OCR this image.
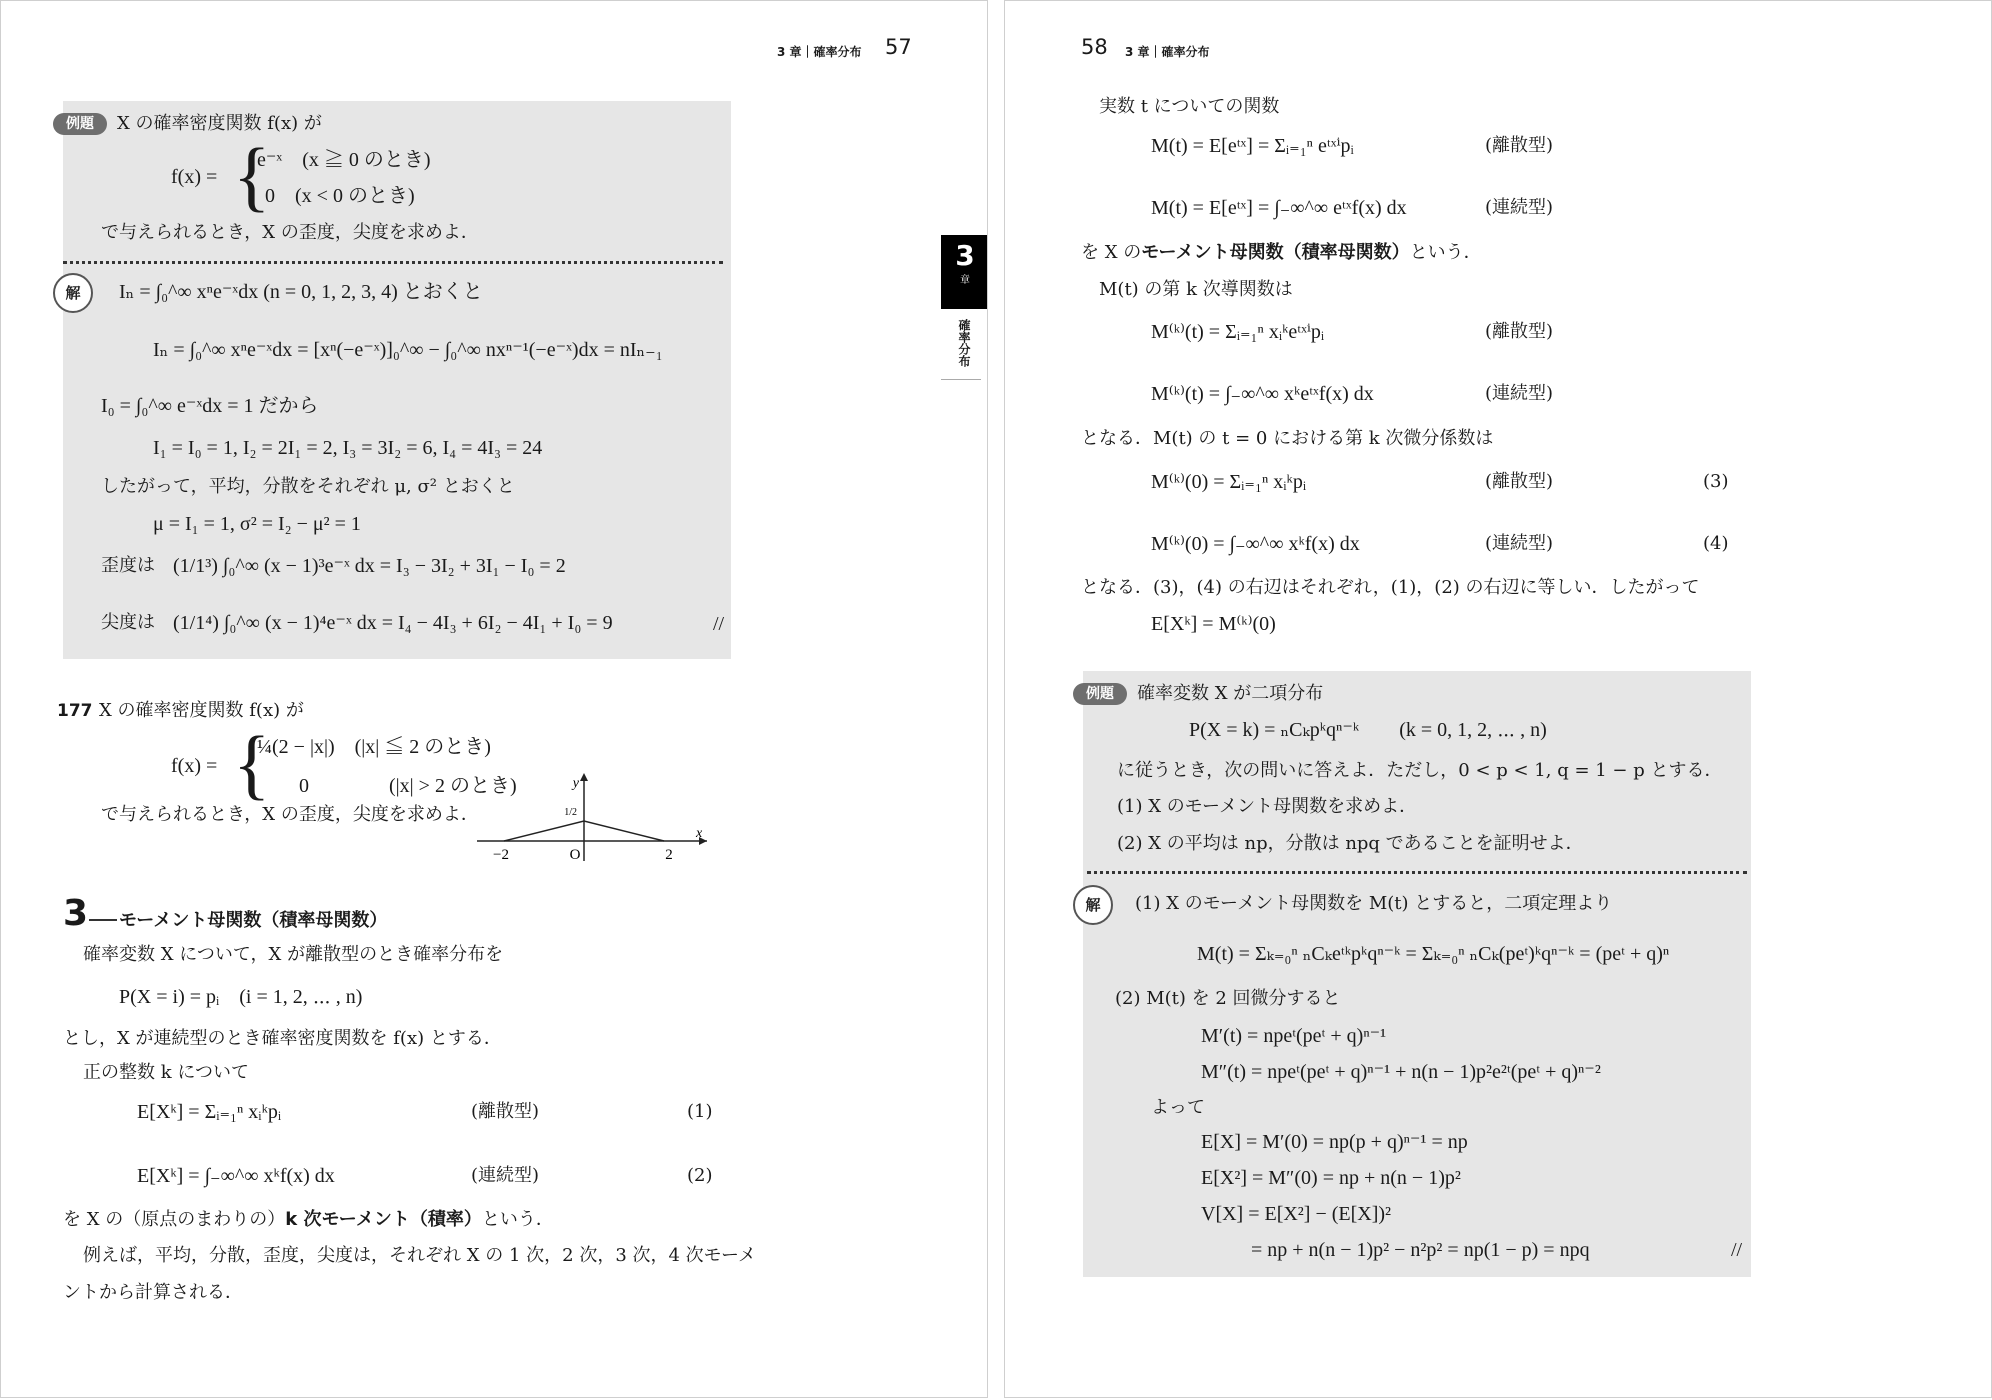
3 章｜確率分布 57
例題	X の確率密度関数 f(x) が
f(x) = {
e⁻ˣ　(x ≧ 0 のとき)
0　(x < 0 のとき)
で与えられるとき，X の歪度，尖度を求めよ．
解	Iₙ = ∫₀^∞ xⁿe⁻ˣdx (n = 0, 1, 2, 3, 4) とおくと
Iₙ = ∫₀^∞ xⁿe⁻ˣdx = [xⁿ(−e⁻ˣ)]₀^∞ − ∫₀^∞ nxⁿ⁻¹(−e⁻ˣ)dx = nIₙ₋₁
I₀ = ∫₀^∞ e⁻ˣdx = 1 だから
I₁ = I₀ = 1, I₂ = 2I₁ = 2, I₃ = 3I₂ = 6, I₄ = 4I₃ = 24
したがって，平均，分散をそれぞれ μ, σ² とおくと
μ = I₁ = 1, σ² = I₂ − μ² = 1
歪度は (1/1³) ∫₀^∞ (x − 1)³e⁻ˣ dx = I₃ − 3I₂ + 3I₁ − I₀ = 2
尖度は (1/1⁴) ∫₀^∞ (x − 1)⁴e⁻ˣ dx = I₄ − 4I₃ + 6I₂ − 4I₁ + I₀ = 9	//
177 X の確率密度関数 f(x) が
f(x) = {
¼(2 − |x|)　(|x| ≦ 2 のとき)
0　　　　(|x| > 2 のとき)
で与えられるとき，X の歪度，尖度を求めよ．
y
x
1/2
−2	O	2
3 モーメント母関数（積率母関数）
確率変数 X について，X が離散型のとき確率分布を
P(X = i) = pᵢ　(i = 1, 2, ⋯ , n)
とし，X が連続型のとき確率密度関数を f(x) とする．
正の整数 k について
E[Xᵏ] = Σᵢ₌₁ⁿ xᵢᵏpᵢ	(離散型)	(1)
E[Xᵏ] = ∫₋∞^∞ xᵏf(x) dx	(連続型)	(2)
を X の（原点のまわりの）k 次モーメント（積率）という．
例えば，平均，分散，歪度，尖度は，それぞれ X の 1 次，2 次，3 次，4 次モーメ
ントから計算される．
3
章
確率分布
58 3 章｜確率分布
実数 t についての関数
M(t) = E[eᵗˣ] = Σᵢ₌₁ⁿ eᵗˣⁱpᵢ	(離散型)
M(t) = E[eᵗˣ] = ∫₋∞^∞ eᵗˣf(x) dx	(連続型)
を X のモーメント母関数（積率母関数）という．
M(t) の第 k 次導関数は
M⁽ᵏ⁾(t) = Σᵢ₌₁ⁿ xᵢᵏeᵗˣⁱpᵢ	(離散型)
M⁽ᵏ⁾(t) = ∫₋∞^∞ xᵏeᵗˣf(x) dx	(連続型)
となる．M(t) の t = 0 における第 k 次微分係数は
M⁽ᵏ⁾(0) = Σᵢ₌₁ⁿ xᵢᵏpᵢ	(離散型)	(3)
M⁽ᵏ⁾(0) = ∫₋∞^∞ xᵏf(x) dx	(連続型)	(4)
となる．(3)，(4) の右辺はそれぞれ，(1)，(2) の右辺に等しい．したがって
E[Xᵏ] = M⁽ᵏ⁾(0)
例題	確率変数 X が二項分布
P(X = k) = ₙCₖpᵏqⁿ⁻ᵏ　　(k = 0, 1, 2, ⋯ , n)
に従うとき，次の問いに答えよ．ただし，0 < p < 1, q = 1 − p とする．
(1) X のモーメント母関数を求めよ．
(2) X の平均は np，分散は npq であることを証明せよ．
解	(1) X のモーメント母関数を M(t) とすると，二項定理より
M(t) = Σₖ₌₀ⁿ ₙCₖeᵗᵏpᵏqⁿ⁻ᵏ = Σₖ₌₀ⁿ ₙCₖ(peᵗ)ᵏqⁿ⁻ᵏ = (peᵗ + q)ⁿ
(2) M(t) を 2 回微分すると
M′(t) = npeᵗ(peᵗ + q)ⁿ⁻¹
M″(t) = npeᵗ(peᵗ + q)ⁿ⁻¹ + n(n − 1)p²e²ᵗ(peᵗ + q)ⁿ⁻²
よって
E[X] = M′(0) = np(p + q)ⁿ⁻¹ = np
E[X²] = M″(0) = np + n(n − 1)p²
V[X] = E[X²] − (E[X])²
= np + n(n − 1)p² − n²p² = np(1 − p) = npq	//
